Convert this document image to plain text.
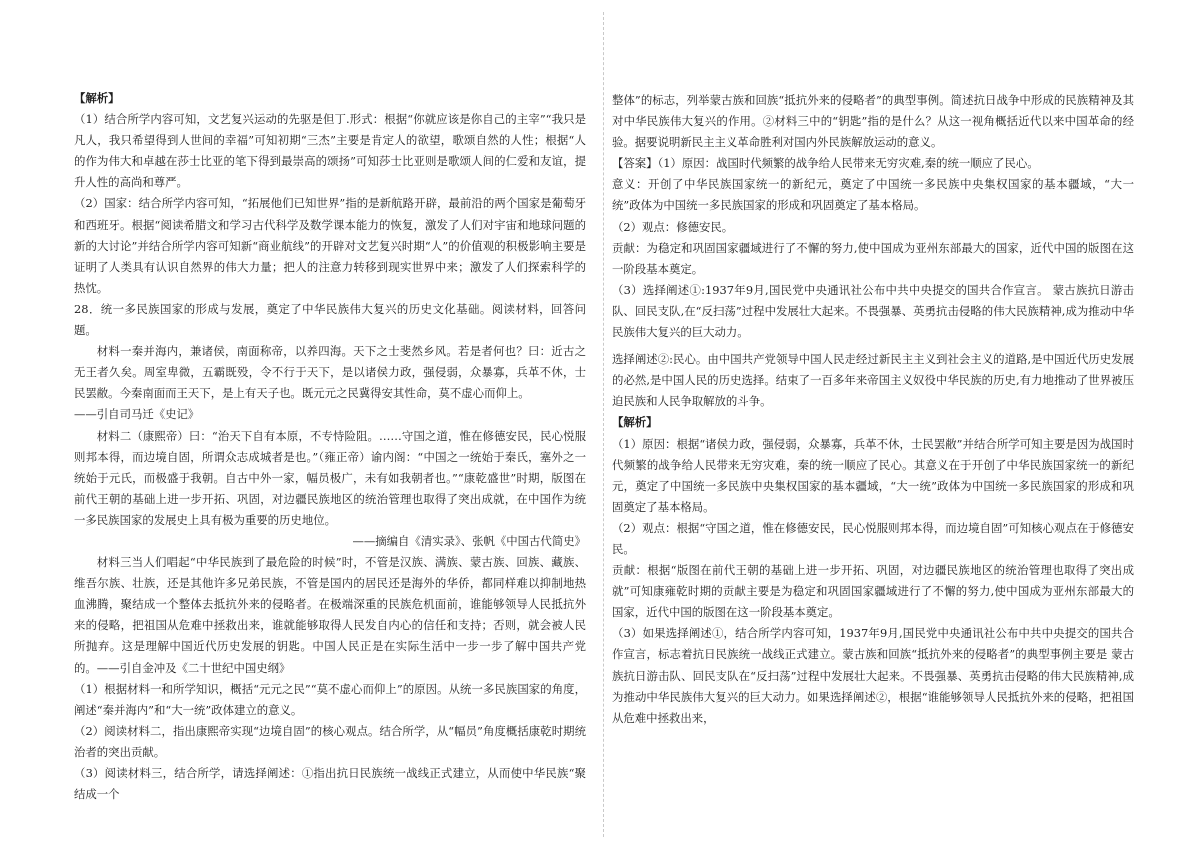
【解析】

（1）结合所学内容可知，文艺复兴运动的先驱是但丁.形式：根据“你就应该是你自己的主宰”“我只是凡人，我只希望得到人世间的幸福”可知初期“三杰”主要是肯定人的欲望，歌颂自然的人性；根据“人的作为伟大和卓越在莎士比亚的笔下得到最崇高的颂扬”可知莎士比亚则是歌颂人间的仁爱和友谊，提升人性的高尚和尊严。

（2）国家：结合所学内容可知，“拓展他们已知世界”指的是新航路开辟，最前沿的两个国家是葡萄牙和西班牙。根据“阅读希腊文和学习古代科学及数学课本能力的恢复，激发了人们对宇宙和地球问题的新的大讨论”并结合所学内容可知新“商业航线”的开辟对文艺复兴时期“人”的价值观的积极影响主要是证明了人类具有认识自然界的伟大力量；把人的注意力转移到现实世界中来；激发了人们探索科学的热忱。

28．统一多民族国家的形成与发展，奠定了中华民族伟大复兴的历史文化基础。阅读材料，回答问题。

材料一秦并海内，兼诸侯，南面称帝，以养四海。天下之士斐然乡风。若是者何也？曰：近古之无王者久矣。周室卑微，五霸既殁，令不行于天下，是以诸侯力政，强侵弱，众暴寡，兵革不休，士民罢敝。今秦南面而王天下，是上有天子也。既元元之民冀得安其性命，莫不虚心而仰上。

——引自司马迁《史记》

材料二（康熙帝）曰：“治天下自有本原，不专恃险阻。……守国之道，惟在修德安民，民心悦服则邦本得，而边境自固，所谓众志成城者是也。”（雍正帝）谕内阁：“中国之一统始于秦氏，塞外之一统始于元氏，而极盛于我朝。自古中外一家，幅员极广，未有如我朝者也。”“康乾盛世”时期，版图在前代王朝的基础上进一步开拓、巩固，对边疆民族地区的统治管理也取得了突出成就，在中国作为统一多民族国家的发展史上具有极为重要的历史地位。

——摘编自《清实录》、张帆《中国古代简史》

材料三当人们唱起“中华民族到了最危险的时候”时，不管是汉族、满族、蒙古族、回族、藏族、维吾尔族、壮族，还是其他许多兄弟民族，不管是国内的居民还是海外的华侨，都同样难以抑制地热血沸腾，聚结成一个整体去抵抗外来的侵略者。在极端深重的民族危机面前，谁能够领导人民抵抗外来的侵略，把祖国从危难中拯救出来，谁就能够取得人民发自内心的信任和支持；否则，就会被人民所抛弃。这是理解中国近代历史发展的钥匙。中国人民正是在实际生活中一步一步了解中国共产党的。——引自金冲及《二十世纪中国史纲》

（1）根据材料一和所学知识，概括“元元之民”“莫不虚心而仰上”的原因。从统一多民族国家的角度，阐述“秦并海内”和“大一统”政体建立的意义。

（2）阅读材料二，指出康熙帝实现“边境自固”的核心观点。结合所学，从“幅员”角度概括康乾时期统治者的突出贡献。

（3）阅读材料三，结合所学，请选择阐述：①指出抗日民族统一战线正式建立，从而使中华民族“聚结成一个

整体”的标志，列举蒙古族和回族“抵抗外来的侵略者”的典型事例。简述抗日战争中形成的民族精神及其对中华民族伟大复兴的作用。②材料三中的“钥匙”指的是什么？从这一视角概括近代以来中国革命的经验。据要说明新民主主义革命胜利对国内外民族解放运动的意义。

【答案】（1）原因：战国时代频繁的战争给人民带来无穷灾难,秦的统一顺应了民心。

意义：开创了中华民族国家统一的新纪元，奠定了中国统一多民族中央集权国家的基本疆域，“大一统”政体为中国统一多民族国家的形成和巩固奠定了基本格局。

（2）观点：修德安民。

贡献：为稳定和巩固国家疆域进行了不懈的努力,使中国成为亚州东部最大的国家，近代中国的版图在这一阶段基本奠定。

（3）选择阐述①:1937年9月,国民党中央通讯社公布中共中央提交的国共合作宣言。 蒙古族抗日游击队、回民支队,在“反扫荡”过程中发展壮大起来。不畏强暴、英勇抗击侵略的伟大民族精神,成为推动中华民族伟大复兴的巨大动力。

选择阐述②:民心。由中国共产党领导中国人民走经过新民主主义到社会主义的道路,是中国近代历史发展的必然,是中国人民的历史选择。结束了一百多年来帝国主义奴役中华民族的历史,有力地推动了世界被压迫民族和人民争取解放的斗争。

【解析】

（1）原因：根据“诸侯力政，强侵弱，众暴寡，兵革不休，士民罢敝”并结合所学可知主要是因为战国时代频繁的战争给人民带来无穷灾难，秦的统一顺应了民心。其意义在于开创了中华民族国家统一的新纪元，奠定了中国统一多民族中央集权国家的基本疆域，“大一统”政体为中国统一多民族国家的形成和巩固奠定了基本格局。

（2）观点：根据“守国之道，惟在修德安民，民心悦服则邦本得，而边境自固”可知核心观点在于修德安民。

贡献：根据“版图在前代王朝的基础上进一步开拓、巩固，对边疆民族地区的统治管理也取得了突出成就”可知康雍乾时期的贡献主要是为稳定和巩固国家疆域进行了不懈的努力,使中国成为亚州东部最大的国家，近代中国的版图在这一阶段基本奠定。

（3）如果选择阐述①，结合所学内容可知，1937年9月,国民党中央通讯社公布中共中央提交的国共合作宣言，标志着抗日民族统一战线正式建立。蒙古族和回族“抵抗外来的侵略者”的典型事例主要是 蒙古族抗日游击队、回民支队在“反扫荡”过程中发展壮大起来。不畏强暴、英勇抗击侵略的伟大民族精神,成为推动中华民族伟大复兴的巨大动力。如果选择阐述②，根据“谁能够领导人民抵抗外来的侵略，把祖国从危难中拯救出来，
